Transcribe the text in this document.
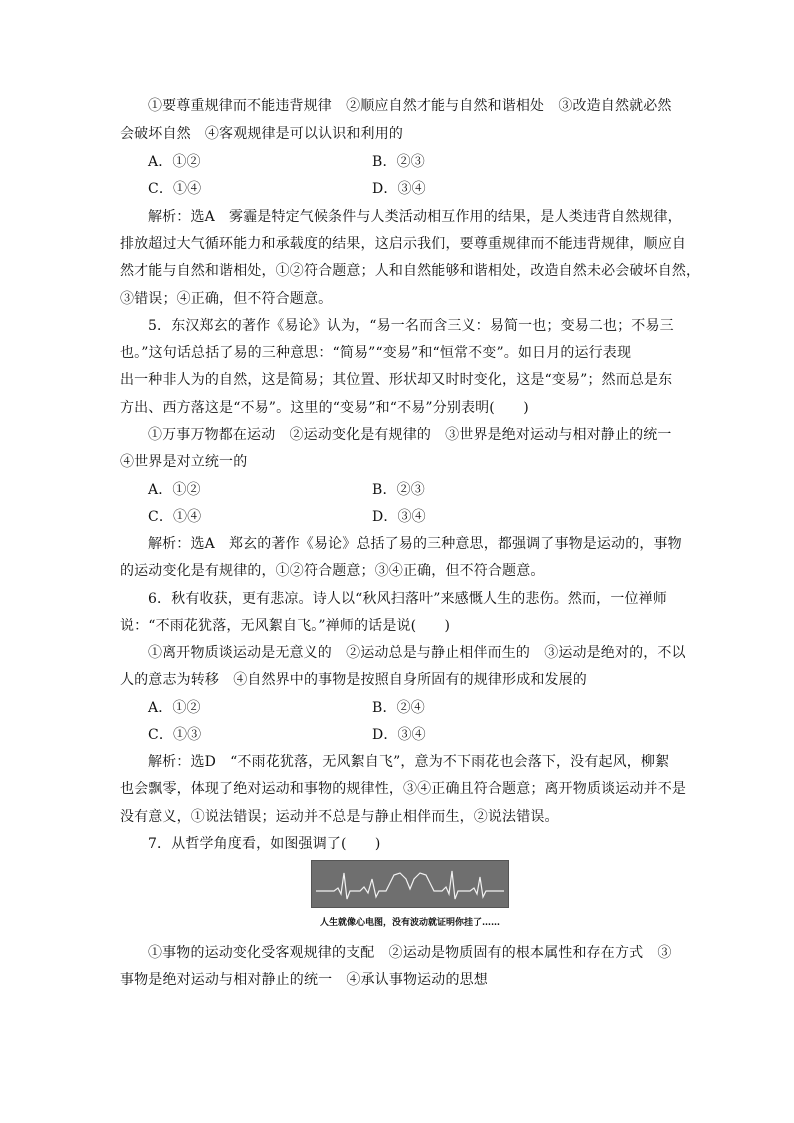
①要尊重规律而不能违背规律　②顺应自然才能与自然和谐相处　③改造自然就必然
会破坏自然　④客观规律是可以认识和利用的
A．①②	B．②③
C．①④	D．③④
解析：选A　雾霾是特定气候条件与人类活动相互作用的结果，是人类违背自然规律，
排放超过大气循环能力和承载度的结果，这启示我们，要尊重规律而不能违背规律，顺应自
然才能与自然和谐相处，①②符合题意；人和自然能够和谐相处，改造自然未必会破坏自然，
③错误；④正确，但不符合题意。
5．东汉郑玄的著作《易论》认为，“易一名而含三义：易简一也；变易二也；不易三
也。”这句话总括了易的三种意思：“简易”“变易”和“恒常不变”。如日月的运行表现
出一种非人为的自然，这是简易；其位置、形状却又时时变化，这是“变易”；然而总是东
方出、西方落这是“不易”。这里的“变易”和“不易”分别表明(　　)
①万事万物都在运动　②运动变化是有规律的　③世界是绝对运动与相对静止的统一
④世界是对立统一的
A．①②	B．②③
C．①④	D．③④
解析：选A　郑玄的著作《易论》总括了易的三种意思，都强调了事物是运动的，事物
的运动变化是有规律的，①②符合题意；③④正确，但不符合题意。
6．秋有收获，更有悲凉。诗人以“秋风扫落叶”来感慨人生的悲伤。然而，一位禅师
说：“不雨花犹落，无风絮自飞。”禅师的话是说(　　)
①离开物质谈运动是无意义的　②运动总是与静止相伴而生的　③运动是绝对的，不以
人的意志为转移　④自然界中的事物是按照自身所固有的规律形成和发展的
A．①②	B．②④
C．①③	D．③④
解析：选D　“不雨花犹落，无风絮自飞”，意为不下雨花也会落下，没有起风，柳絮
也会飘零，体现了绝对运动和事物的规律性，③④正确且符合题意；离开物质谈运动并不是
没有意义，①说法错误；运动并不总是与静止相伴而生，②说法错误。
7．从哲学角度看，如图强调了(　　)
人生就像心电图，没有波动就证明你挂了……
①事物的运动变化受客观规律的支配　②运动是物质固有的根本属性和存在方式　③
事物是绝对运动与相对静止的统一　④承认事物运动的思想
